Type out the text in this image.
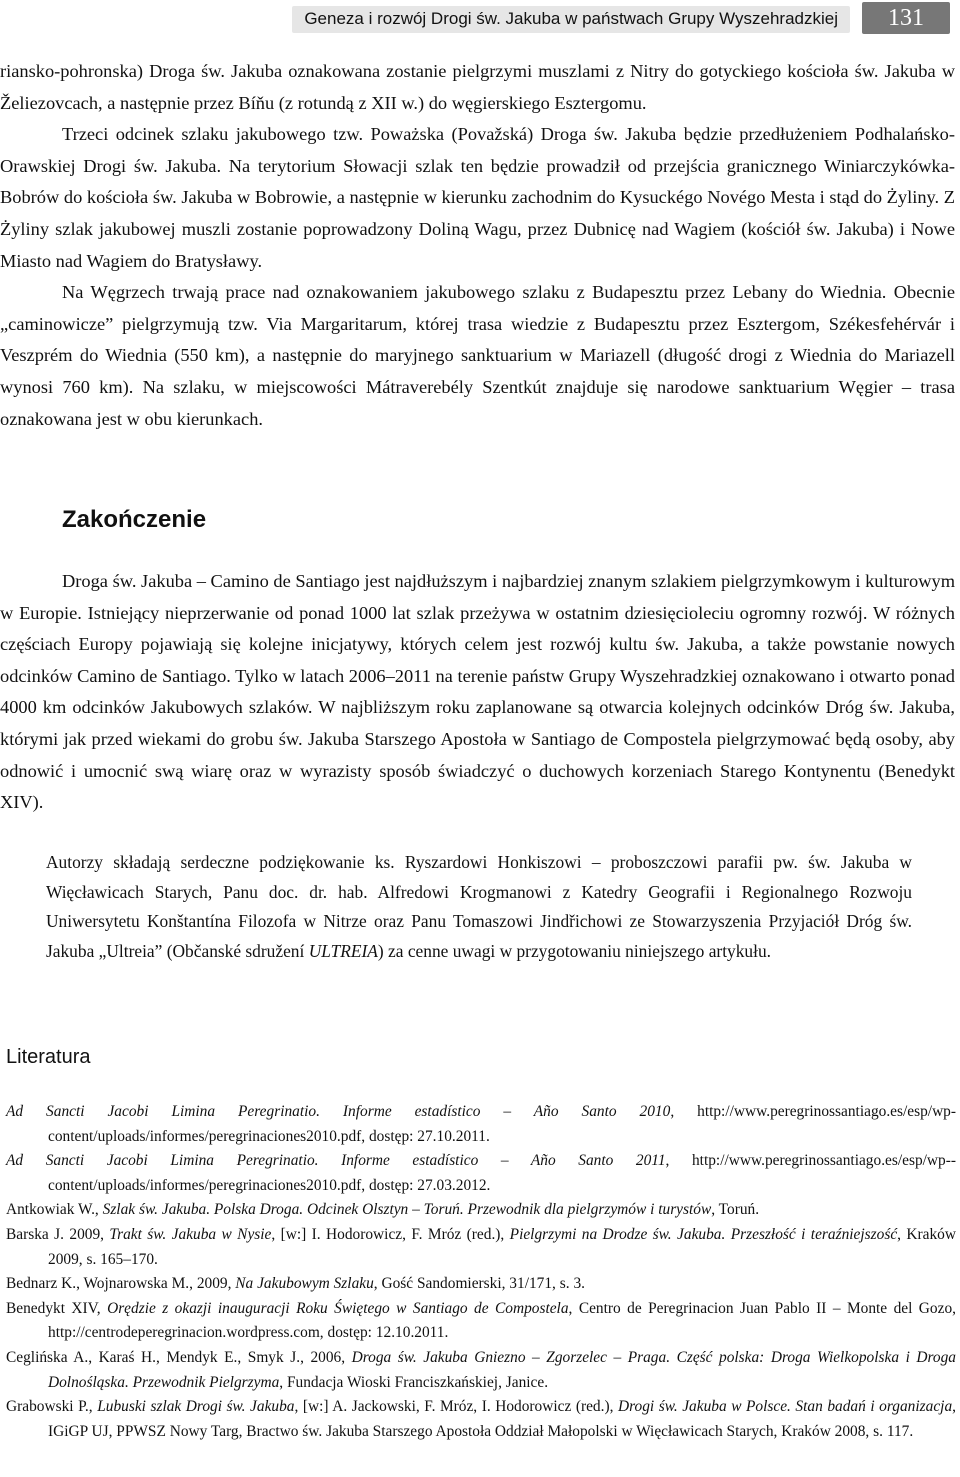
Geneza i rozwój Drogi św. Jakuba w państwach Grupy Wyszehradzkiej	131

riansko-pohronska) Droga św. Jakuba oznakowana zostanie pielgrzymi muszlami z Nitry do gotyckiego kościoła św. Jakuba w Želiezovcach, a następnie przez Bíňu (z rotundą z XII w.) do węgierskiego Esztergomu.

Trzeci odcinek szlaku jakubowego tzw. Poważska (Považská) Droga św. Jakuba będzie przedłużeniem Podhalańsko-Orawskiej Drogi św. Jakuba. Na terytorium Słowacji szlak ten będzie prowadził od przejścia granicznego Winiarczykówka-Bobrów do kościoła św. Jakuba w Bobrowie, a następnie w kierunku zachodnim do Kysuckégo Novégo Mesta i stąd do Żyliny. Z Żyliny szlak jakubowej muszli zostanie poprowadzony Doliną Wagu, przez Dubnicę nad Wagiem (kościół św. Jakuba) i Nowe Miasto nad Wagiem do Bratysławy.

Na Węgrzech trwają prace nad oznakowaniem jakubowego szlaku z Budapesztu przez Lebany do Wiednia. Obecnie „caminowicze” pielgrzymują tzw. Via Margaritarum, której trasa wiedzie z Budapesztu przez Esztergom, Székesfehérvár i Veszprém do Wiednia (550 km), a następnie do maryjnego sanktuarium w Mariazell (długość drogi z Wiednia do Mariazell wynosi 760 km). Na szlaku, w miejscowości Mátraverebély Szentkút znajduje się narodowe sanktuarium Węgier – trasa oznakowana jest w obu kierunkach.

Zakończenie

Droga św. Jakuba – Camino de Santiago jest najdłuższym i najbardziej znanym szlakiem pielgrzymkowym i kulturowym w Europie. Istniejący nieprzerwanie od ponad 1000 lat szlak przeżywa w ostatnim dziesięcioleciu ogromny rozwój. W różnych częściach Europy pojawiają się kolejne inicjatywy, których celem jest rozwój kultu św. Jakuba, a także powstanie nowych odcinków Camino de Santiago. Tylko w latach 2006–2011 na terenie państw Grupy Wyszehradzkiej oznakowano i otwarto ponad 4000 km odcinków Jakubowych szlaków. W najbliższym roku zaplanowane są otwarcia kolejnych odcinków Dróg św. Jakuba, którymi jak przed wiekami do grobu św. Jakuba Starszego Apostoła w Santiago de Compostela pielgrzymować będą osoby, aby odnowić i umocnić swą wiarę oraz w wyrazisty sposób świadczyć o duchowych korzeniach Starego Kontynentu (Benedykt XIV).

Autorzy składają serdeczne podziękowanie ks. Ryszardowi Honkiszowi – proboszczowi parafii pw. św. Jakuba w Więcławicach Starych, Panu doc. dr. hab. Alfredowi Krogmanowi z Katedry Geografii i Regionalnego Rozwoju Uniwersytetu Konštantína Filozofa w Nitrze oraz Panu Tomaszowi Jindřichowi ze Stowarzyszenia Przyjaciół Dróg św. Jakuba „Ultreia” (Občanské sdružení ULTREIA) za cenne uwagi w przygotowaniu niniejszego artykułu.

Literatura

Ad Sancti Jacobi Limina Peregrinatio. Informe estadístico – Año Santo 2010, http://www.peregrinossantiago.es/esp/wp-content/uploads/informes/peregrinaciones2010.pdf, dostęp: 27.10.2011.

Ad Sancti Jacobi Limina Peregrinatio. Informe estadístico – Año Santo 2011, http://www.peregrinossantiago.es/esp/wp--content/uploads/informes/peregrinaciones2010.pdf, dostęp: 27.03.2012.

Antkowiak W., Szlak św. Jakuba. Polska Droga. Odcinek Olsztyn – Toruń. Przewodnik dla pielgrzymów i turystów, Toruń.

Barska J. 2009, Trakt św. Jakuba w Nysie, [w:] I. Hodorowicz, F. Mróz (red.), Pielgrzymi na Drodze św. Jakuba. Przeszłość i teraźniejszość, Kraków 2009, s. 165–170.

Bednarz K., Wojnarowska M., 2009, Na Jakubowym Szlaku, Gość Sandomierski, 31/171, s. 3.

Benedykt XIV, Orędzie z okazji inauguracji Roku Świętego w Santiago de Compostela, Centro de Peregrinacion Juan Pablo II – Monte del Gozo, http://centrodeperegrinacion.wordpress.com, dostęp: 12.10.2011.

Ceglińska A., Karaś H., Mendyk E., Smyk J., 2006, Droga św. Jakuba Gniezno – Zgorzelec – Praga. Część polska: Droga Wielkopolska i Droga Dolnośląska. Przewodnik Pielgrzyma, Fundacja Wioski Franciszkańskiej, Janice.

Grabowski P., Lubuski szlak Drogi św. Jakuba, [w:] A. Jackowski, F. Mróz, I. Hodorowicz (red.), Drogi św. Jakuba w Polsce. Stan badań i organizacja, IGiGP UJ, PPWSZ Nowy Targ, Bractwo św. Jakuba Starszego Apostoła Oddział Małopolski w Więcławicach Starych, Kraków 2008, s. 117.
